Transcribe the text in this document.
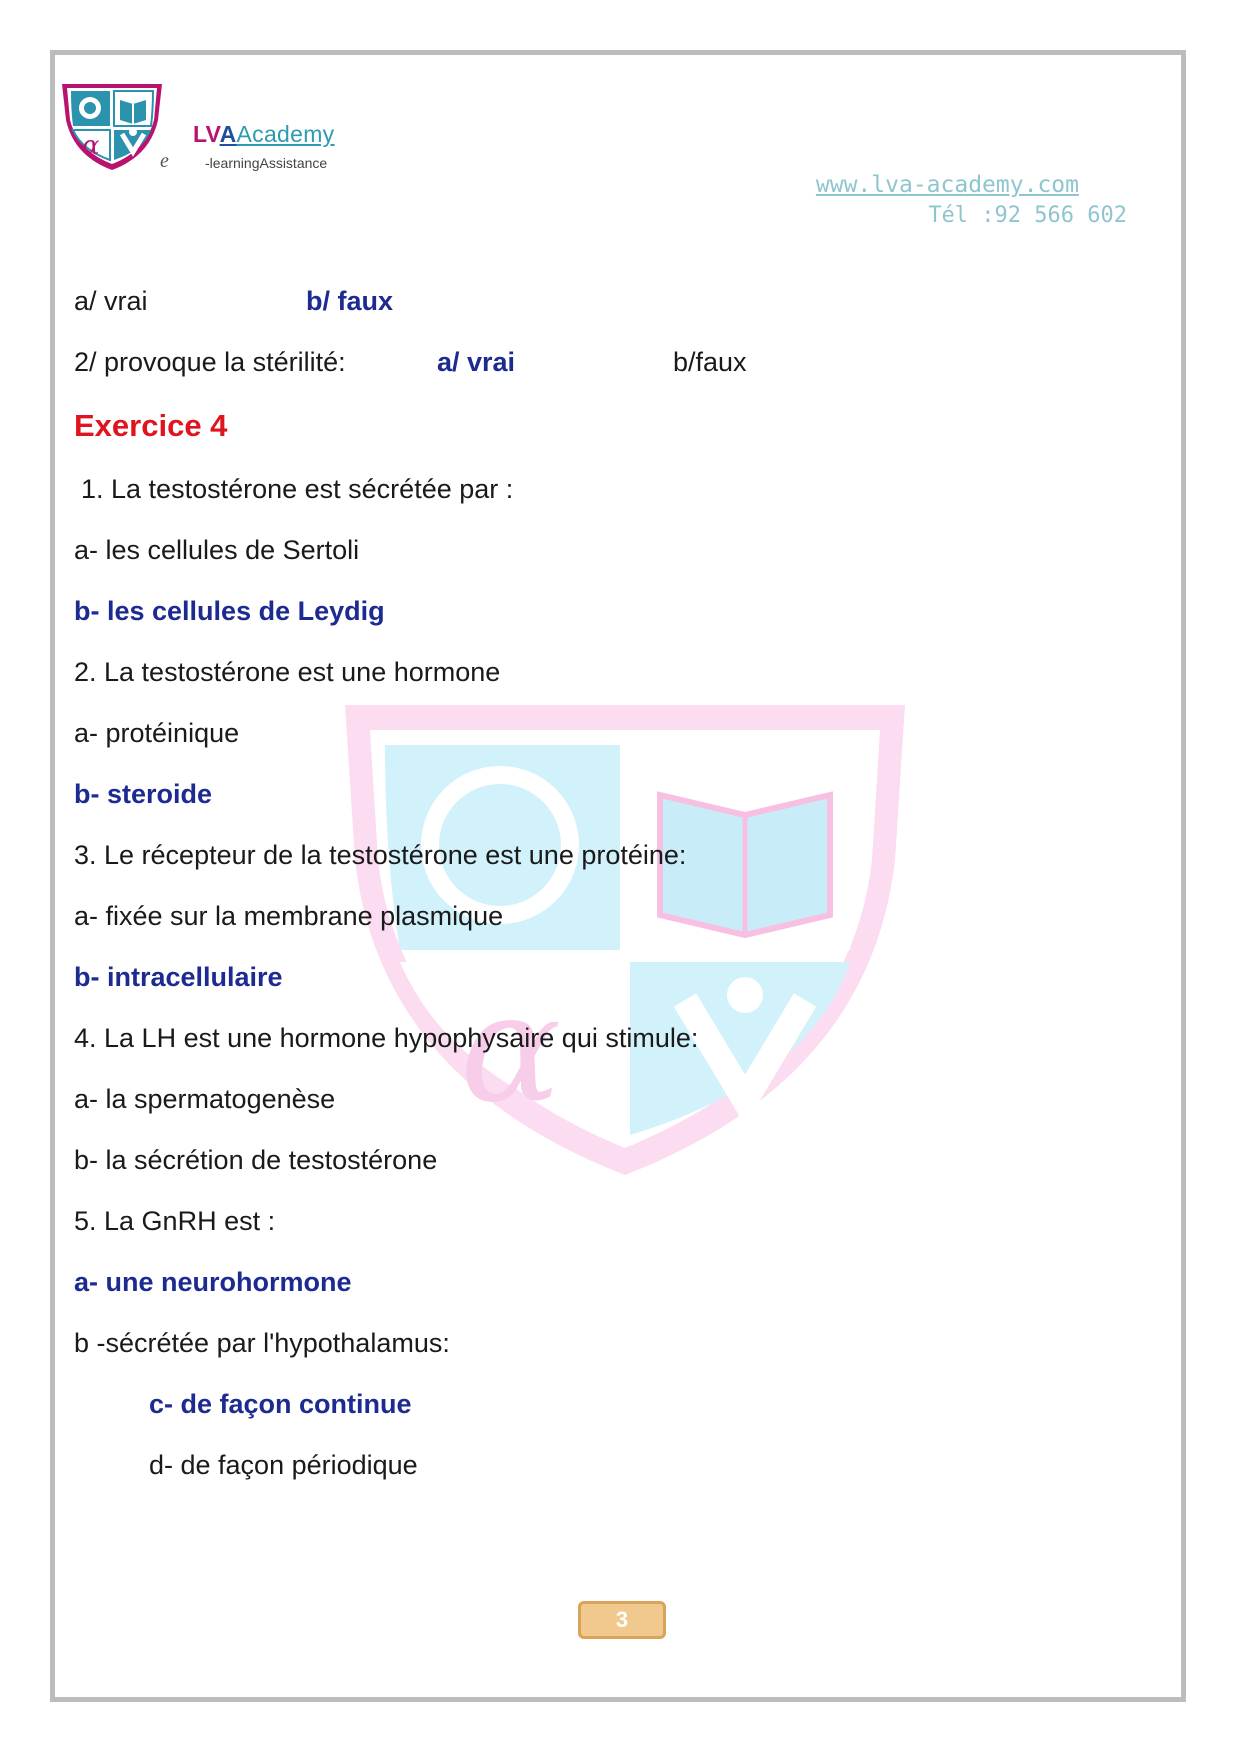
α	LVAAcademy
e	-learningAssistance
www.lva-academy.com
Tél :92 566 602
α
a/ vrai	b/ faux
2/ provoque la stérilité:	a/ vrai	b/faux
Exercice 4
1. La testostérone est sécrétée par :
a- les cellules de Sertoli
b- les cellules de Leydig
2. La testostérone est une hormone
a- protéinique
b- steroide
3. Le récepteur de la testostérone est une protéine:
a- fixée sur la membrane plasmique
b- intracellulaire
4. La LH est une hormone hypophysaire qui stimule:
a- la spermatogenèse
b- la sécrétion de testostérone
5. La GnRH est :
a- une neurohormone
b -sécrétée par l'hypothalamus:
c- de façon continue
d- de façon périodique
3
